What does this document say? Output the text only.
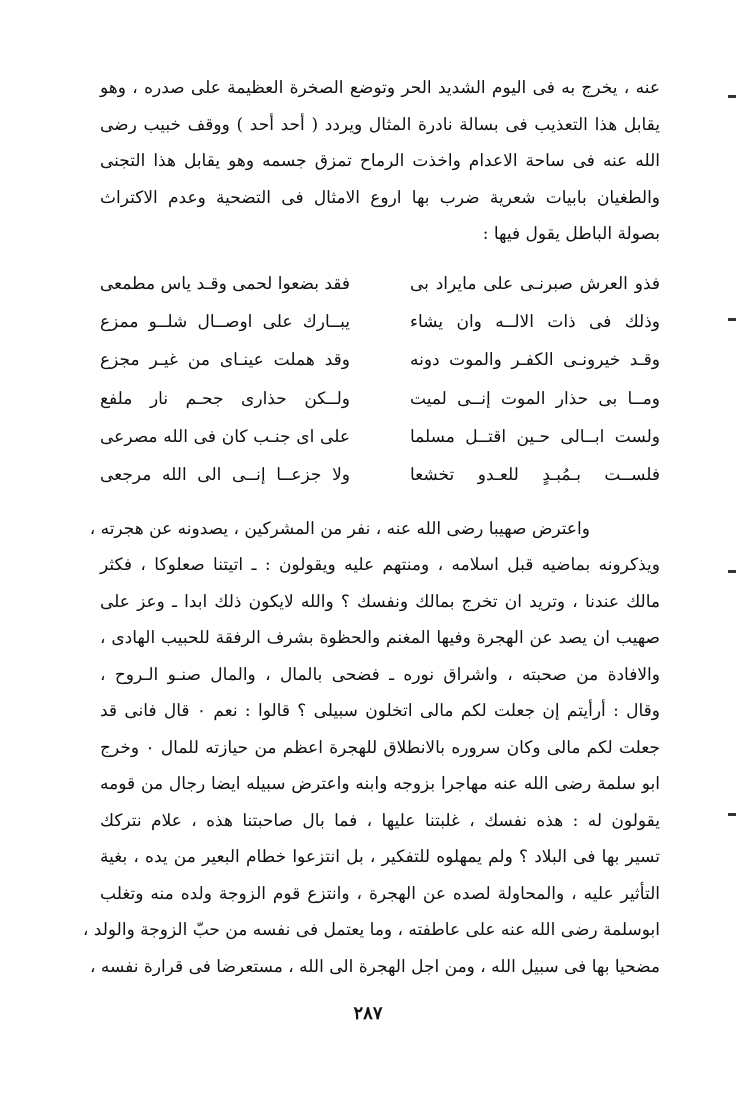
عنه ، يخرج به فى اليوم الشديد الحر وتوضع الصخرة العظيمة على صدره ، وهو

يقابل هذا التعذيب فى بسالة نادرة المثال ويردد ( أحد أحد ) ووقف خبيب رضى

الله عنه فى ساحة الاعدام واخذت الرماح تمزق جسمه وهو يقابل هذا التجنى

والطغيان بابيات شعرية ضرب بها اروع الامثال فى التضحية وعدم الاكتراث

بصولة الباطل يقول فيها :

فذو العرش صبرنـى على مايراد بى
فقد بضعوا لحمى وقـد ياس مطمعى
وذلك فى ذات الالــه وان يشاء
يبــارك على اوصــال شلــو ممزع
وقـد خيرونـى الكفـر والموت دونه
وقد هملت عينـاى من غيـر مجزع
ومــا بى حذار الموت إنــى لميت
ولــكن حذارى جحـم نار ملفع
ولست ابــالى حـين اقتــل مسلما
على اى جنـب كان فى الله مصرعى
فلســت بـمُبـدٍ للعـدو تخشعا
ولا جزعــا إنــى الى الله مرجعى

واعترض صهيبا رضى الله عنه ، نفر من المشركين ، يصدونه عن هجرته ،

ويذكرونه بماضيه قبل اسلامه ، ومنتهم عليه ويقولون : ـ اتيتنا صعلوكا ، فكثر

مالك عندنا ، وتريد ان تخرج بمالك ونفسك ؟ والله لايكون ذلك ابدا ـ وعز على

صهيب ان يصد عن الهجرة وفيها المغنم والحظوة بشرف الرفقة للحبيب الهادى ،

والافادة من صحبته ، واشراق نوره ـ فضحى بالمال ، والمال صنـو الـروح ،

وقال : أرأيتم إن جعلت لكم مالى اتخلون سبيلى ؟ قالوا : نعم ٠ قال فانى قد

جعلت لكم مالى وكان سروره بالانطلاق للهجرة اعظم من حيازته للمال ٠ وخرج

ابو سلمة رضى الله عنه مهاجرا بزوجه وابنه واعترض سبيله ايضا رجال من قومه

يقولون له : هذه نفسك ، غلبتنا عليها ، فما بال صاحبتنا هذه ، علام نتركك

تسير بها فى البلاد ؟ ولم يمهلوه للتفكير ، بل انتزعوا خطام البعير من يده ، بغية

التأثير عليه ، والمحاولة لصده عن الهجرة ، وانتزع قوم الزوجة ولده منه وتغلب

ابوسلمة رضى الله عنه على عاطفته ، وما يعتمل فى نفسه من حبّ الزوجة والولد ،

مضحيا بها فى سبيل الله ، ومن اجل الهجرة الى الله ، مستعرضا فى قرارة نفسه ،

٢٨٧
